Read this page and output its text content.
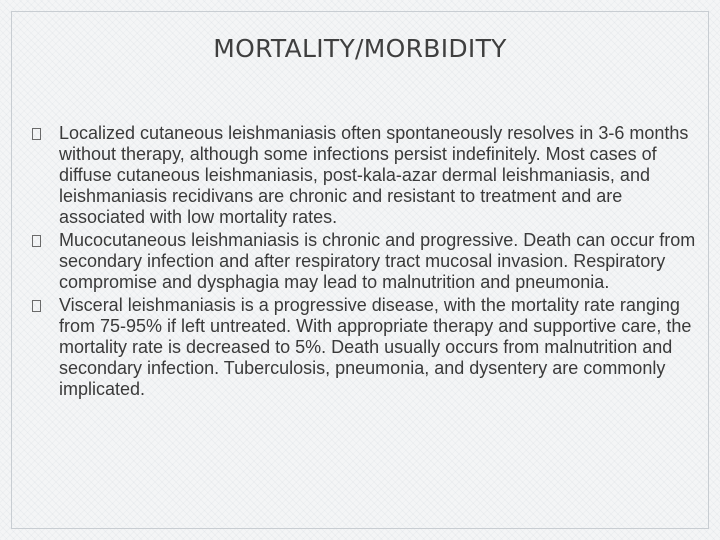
MORTALITY/MORBIDITY
Localized cutaneous leishmaniasis often spontaneously resolves in 3-6 months without therapy, although some infections persist indefinitely. Most cases of diffuse cutaneous leishmaniasis, post-kala-azar dermal leishmaniasis, and leishmaniasis recidivans are chronic and resistant to treatment and are associated with low mortality rates.
Mucocutaneous leishmaniasis is chronic and progressive. Death can occur from secondary infection and after respiratory tract mucosal invasion. Respiratory compromise and dysphagia may lead to malnutrition and pneumonia.
Visceral leishmaniasis is a progressive disease, with the mortality rate ranging from 75-95% if left untreated. With appropriate therapy and supportive care, the mortality rate is decreased to 5%. Death usually occurs from malnutrition and secondary infection. Tuberculosis, pneumonia, and dysentery are commonly implicated.
